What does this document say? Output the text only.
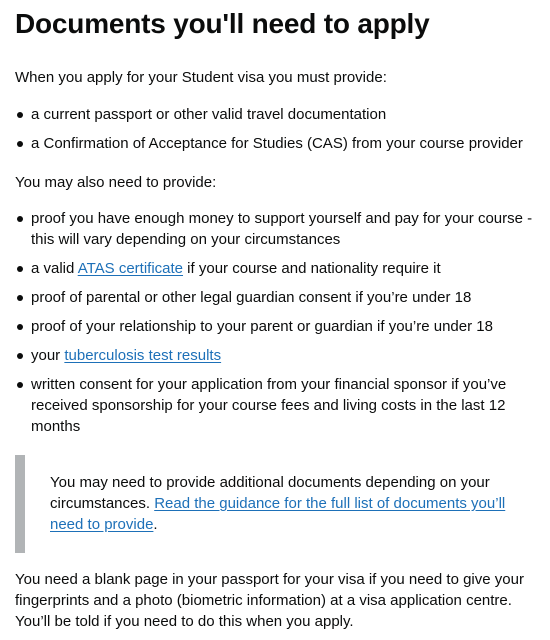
Documents you'll need to apply

When you apply for your Student visa you must provide:

a current passport or other valid travel documentation
a Confirmation of Acceptance for Studies (CAS) from your course provider

You may also need to provide:

proof you have enough money to support yourself and pay for your course - this will vary depending on your circumstances
a valid ATAS certificate if your course and nationality require it
proof of parental or other legal guardian consent if you’re under 18
proof of your relationship to your parent or guardian if you’re under 18
your tuberculosis test results
written consent for your application from your financial sponsor if you’ve received sponsorship for your course fees and living costs in the last 12 months

You may need to provide additional documents depending on your circumstances. Read the guidance for the full list of documents you’ll need to provide.

You need a blank page in your passport for your visa if you need to give your fingerprints and a photo (biometric information) at a visa application centre. You’ll be told if you need to do this when you apply.
